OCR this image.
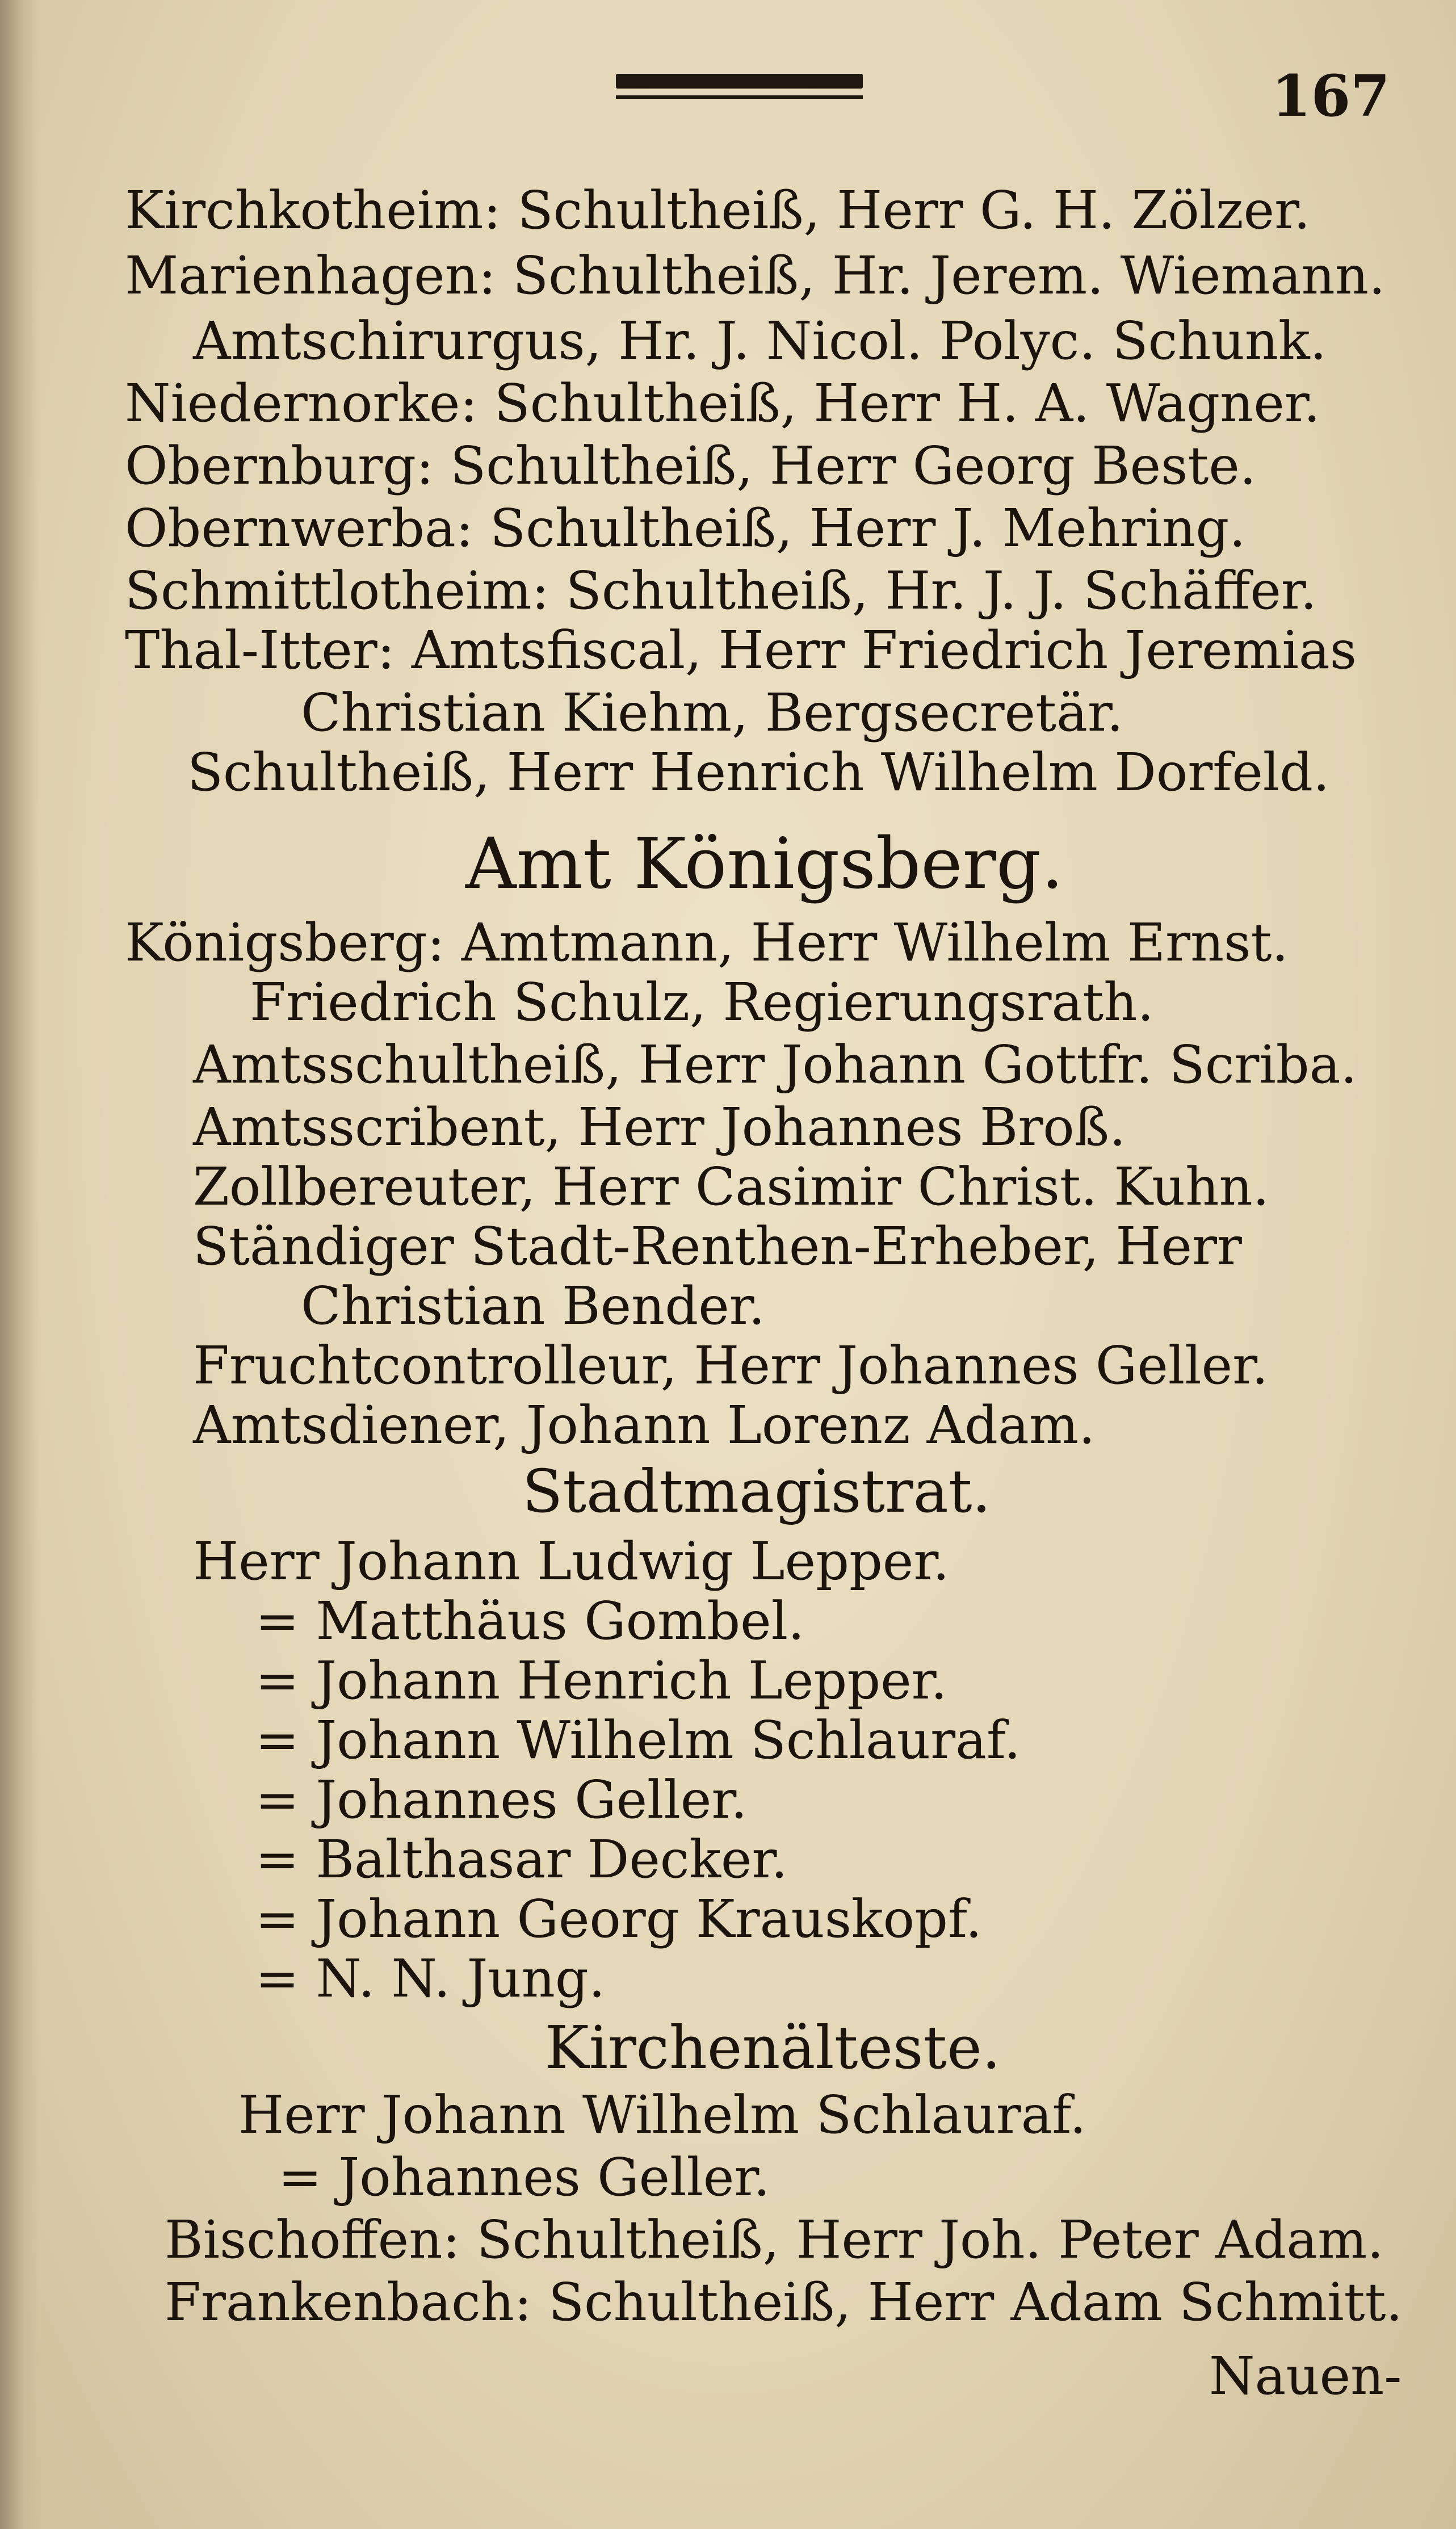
167
Kirchkotheim: Schultheiß, Herr G. H. Zölzer.
Marienhagen: Schultheiß, Hr. Jerem. Wiemann.
Amtschirurgus, Hr. J. Nicol. Polyc. Schunk.
Niedernorke: Schultheiß, Herr H. A. Wagner.
Obernburg: Schultheiß, Herr Georg Beste.
Obernwerba: Schultheiß, Herr J. Mehring.
Schmittlotheim: Schultheiß, Hr. J. J. Schäffer.
Thal-Itter: Amtsfiscal, Herr Friedrich Jeremias
Christian Kiehm, Bergsecretär.
Schultheiß, Herr Henrich Wilhelm Dorfeld.
Amt Königsberg.
Königsberg: Amtmann, Herr Wilhelm Ernst.
Friedrich Schulz, Regierungsrath.
Amtsschultheiß, Herr Johann Gottfr. Scriba.
Amtsscribent, Herr Johannes Broß.
Zollbereuter, Herr Casimir Christ. Kuhn.
Ständiger Stadt-Renthen-Erheber, Herr
Christian Bender.
Fruchtcontrolleur, Herr Johannes Geller.
Amtsdiener, Johann Lorenz Adam.
Stadtmagistrat.
Herr Johann Ludwig Lepper.
= Matthäus Gombel.
= Johann Henrich Lepper.
= Johann Wilhelm Schlauraf.
= Johannes Geller.
= Balthasar Decker.
= Johann Georg Krauskopf.
= N. N. Jung.
Kirchenälteste.
Herr Johann Wilhelm Schlauraf.
= Johannes Geller.
Bischoffen: Schultheiß, Herr Joh. Peter Adam.
Frankenbach: Schultheiß, Herr Adam Schmitt.
Nauen-
